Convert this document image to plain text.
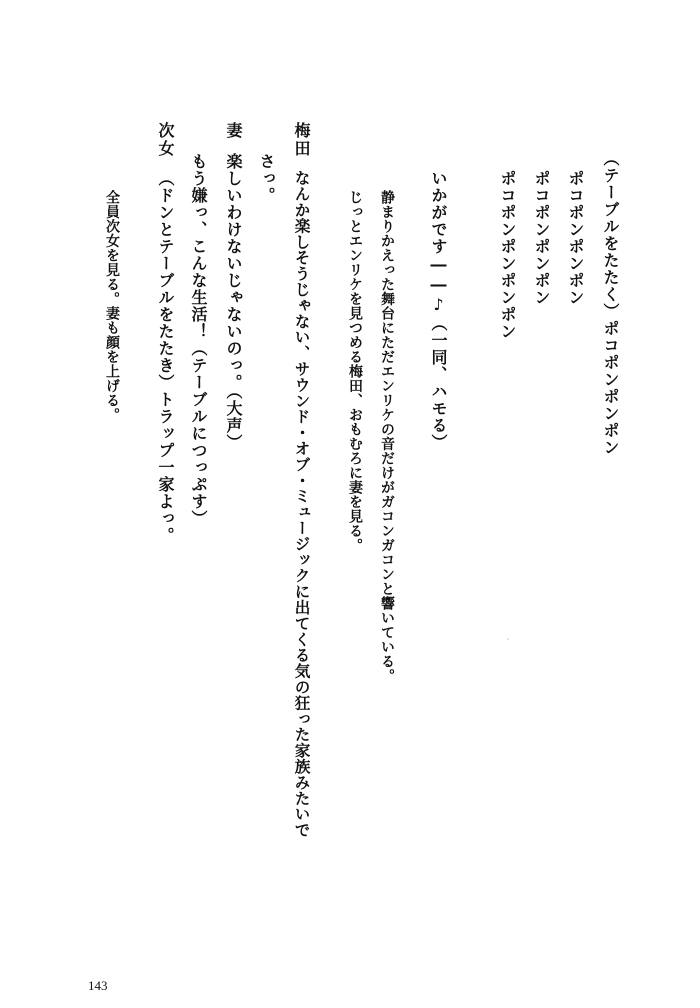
（テーブルをたたく）ポコポンポンポン
ポコポンポンポン
ポコポンポンポン
ポコポンポンポンポン
いかがです――♪（一同、ハモる）
静まりかえった舞台にただエンリケの音だけがガコンガコンと響いている。
じっとエンリケを見つめる梅田、おもむろに妻を見る。
梅田
なんか楽しそうじゃない、サウンド・オブ・ミュージックに出てくる気の狂った家族みたいで
さっ。
妻
楽しいわけないじゃないのっ。（大声）
もう嫌っ、こんな生活！（テーブルにつっぷす）
次女
（ドンとテーブルをたたき）トラップ一家よっ。
全員次女を見る。妻も顔を上げる。
143
